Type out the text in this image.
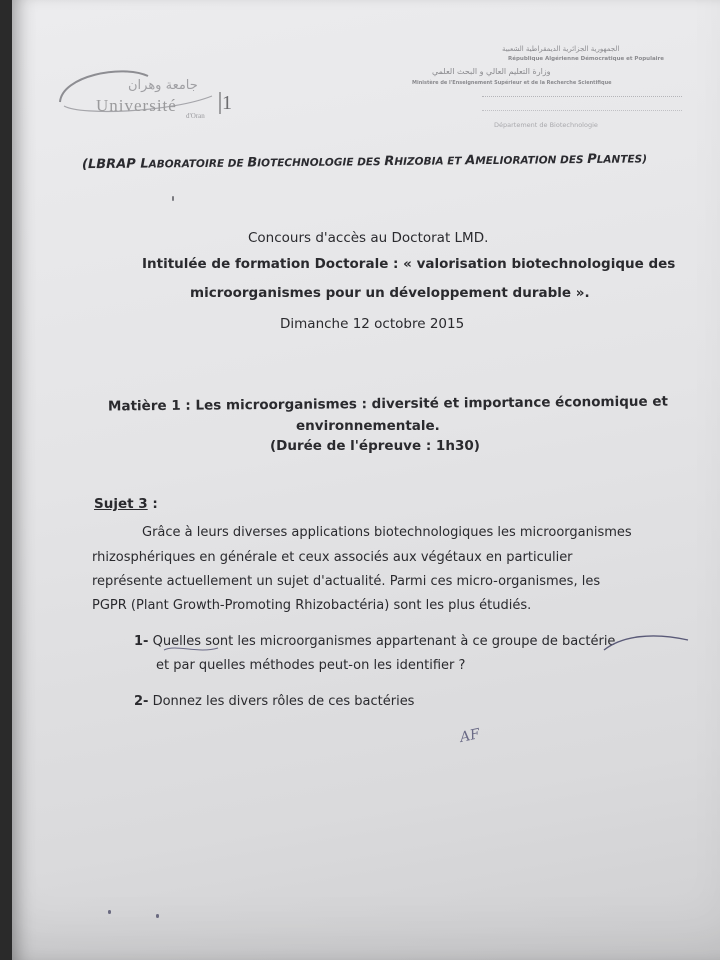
جامعة وهران
Université
d'Oran
1
الجمهورية الجزائرية الديمقراطية الشعبية
République Algérienne Démocratique et Populaire
وزارة التعليم العالي و البحث العلمي
Ministère de l'Enseignement Supérieur et de la Recherche Scientifique
Département de Biotechnologie
(LBRAP LABORATOIRE DE BIOTECHNOLOGIE DES RHIZOBIA ET AMELIORATION DES PLANTES)
Concours d'accès au Doctorat LMD.
Intitulée de formation Doctorale : « valorisation biotechnologique des
microorganismes pour un développement durable ».
Dimanche 12 octobre 2015
Matière 1 : Les microorganismes : diversité et importance économique et
environnementale.
(Durée de l'épreuve : 1h30)
Sujet 3 :
Grâce à leurs diverses applications biotechnologiques les microorganismes
rhizosphériques en générale et ceux associés aux végétaux en particulier
représente actuellement un sujet d'actualité. Parmi ces micro-organismes, les
PGPR (Plant Growth-Promoting Rhizobactéria) sont les plus étudiés.
1- Quelles sont les microorganismes appartenant à ce groupe de bactérie
et par quelles méthodes peut-on les identifier ?
2- Donnez les divers rôles de ces bactéries
AF
